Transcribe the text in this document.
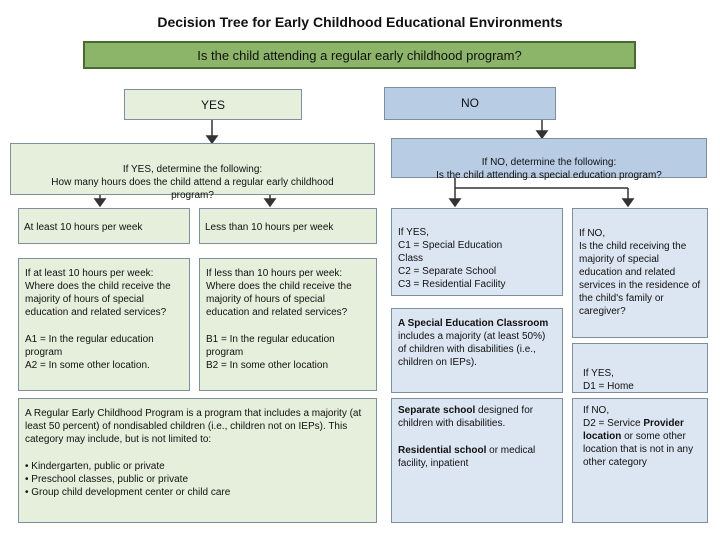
Decision Tree for Early Childhood Educational Environments
Is the child attending a regular early childhood program?
YES	NO

If YES, determine the following:
How many hours does the child attend a regular early childhood program?

If NO, determine the following:
Is the child attending a special education program?

At least 10 hours per week	Less than 10 hours per week
If at least 10 hours per week: Where does the child receive the majority of hours of special education and related services?
A1 = In the regular education
program
A2 = In some other location.
If less than 10 hours per week: Where does the child receive the majority of hours of special education and related services?
B1 = In the regular education
program
B2 = In some other location
A Regular Early Childhood Program is a program that includes a majority (at least 50 percent) of nondisabled children (i.e., children not on IEPs). This category may include, but is not limited to:
• Kindergarten, public or private
• Preschool classes, public or private
• Group child development center or child care

If YES,
C1 = Special Education
Class
C2 = Separate School
C3 = Residential Facility

A Special Education Classroom includes a majority (at least 50%) of children with disabilities (i.e., children on IEPs).
Separate school designed for children with disabilities.
Residential school or medical facility, inpatient

If NO,
Is the child receiving the majority of special education and related services in the residence of the child's family or caregiver?

If YES,
D1 = Home

If NO,
D2 = Service Provider location or some other location that is not in any other category
